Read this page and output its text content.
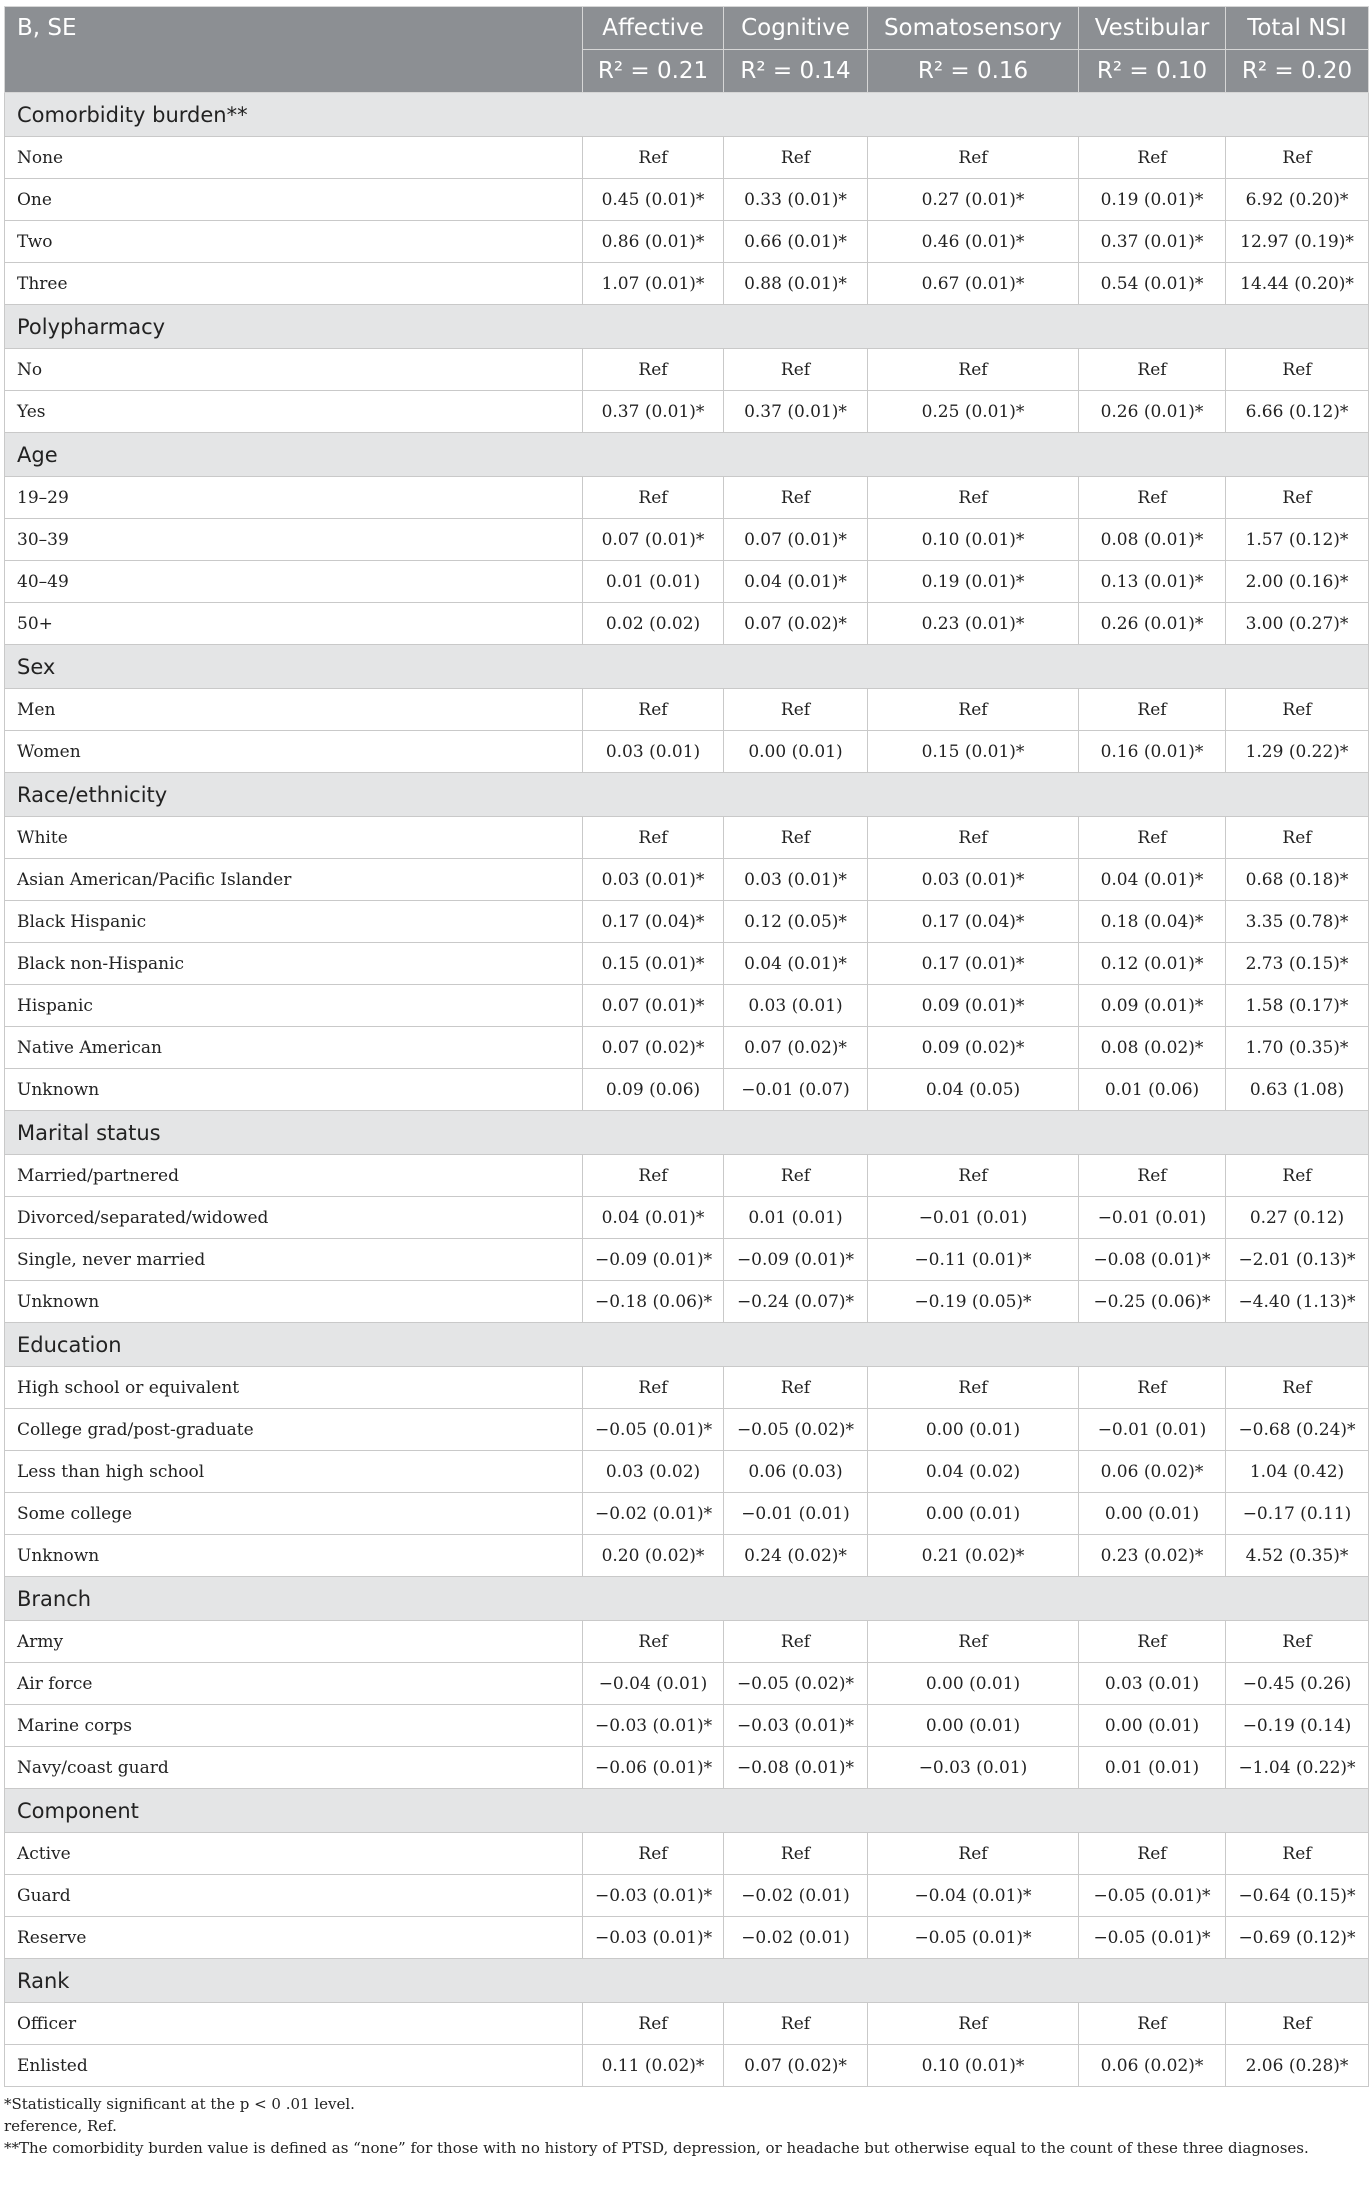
B, SE	Affective	Cognitive	Somatosensory	Vestibular	Total NSI
	R² = 0.21	R² = 0.14	R² = 0.16	R² = 0.10	R² = 0.20
Comorbidity burden**					
None	Ref	Ref	Ref	Ref	Ref
One	0.45 (0.01)*	0.33 (0.01)*	0.27 (0.01)*	0.19 (0.01)*	6.92 (0.20)*
Two	0.86 (0.01)*	0.66 (0.01)*	0.46 (0.01)*	0.37 (0.01)*	12.97 (0.19)*
Three	1.07 (0.01)*	0.88 (0.01)*	0.67 (0.01)*	0.54 (0.01)*	14.44 (0.20)*
Polypharmacy					
No	Ref	Ref	Ref	Ref	Ref
Yes	0.37 (0.01)*	0.37 (0.01)*	0.25 (0.01)*	0.26 (0.01)*	6.66 (0.12)*
Age					
19–29	Ref	Ref	Ref	Ref	Ref
30–39	0.07 (0.01)*	0.07 (0.01)*	0.10 (0.01)*	0.08 (0.01)*	1.57 (0.12)*
40–49	0.01 (0.01)	0.04 (0.01)*	0.19 (0.01)*	0.13 (0.01)*	2.00 (0.16)*
50+	0.02 (0.02)	0.07 (0.02)*	0.23 (0.01)*	0.26 (0.01)*	3.00 (0.27)*
Sex					
Men	Ref	Ref	Ref	Ref	Ref
Women	0.03 (0.01)	0.00 (0.01)	0.15 (0.01)*	0.16 (0.01)*	1.29 (0.22)*
Race/ethnicity					
White	Ref	Ref	Ref	Ref	Ref
Asian American/Pacific Islander	0.03 (0.01)*	0.03 (0.01)*	0.03 (0.01)*	0.04 (0.01)*	0.68 (0.18)*
Black Hispanic	0.17 (0.04)*	0.12 (0.05)*	0.17 (0.04)*	0.18 (0.04)*	3.35 (0.78)*
Black non-Hispanic	0.15 (0.01)*	0.04 (0.01)*	0.17 (0.01)*	0.12 (0.01)*	2.73 (0.15)*
Hispanic	0.07 (0.01)*	0.03 (0.01)	0.09 (0.01)*	0.09 (0.01)*	1.58 (0.17)*
Native American	0.07 (0.02)*	0.07 (0.02)*	0.09 (0.02)*	0.08 (0.02)*	1.70 (0.35)*
Unknown	0.09 (0.06)	−0.01 (0.07)	0.04 (0.05)	0.01 (0.06)	0.63 (1.08)
Marital status					
Married/partnered	Ref	Ref	Ref	Ref	Ref
Divorced/separated/widowed	0.04 (0.01)*	0.01 (0.01)	−0.01 (0.01)	−0.01 (0.01)	0.27 (0.12)
Single, never married	−0.09 (0.01)*	−0.09 (0.01)*	−0.11 (0.01)*	−0.08 (0.01)*	−2.01 (0.13)*
Unknown	−0.18 (0.06)*	−0.24 (0.07)*	−0.19 (0.05)*	−0.25 (0.06)*	−4.40 (1.13)*
Education					
High school or equivalent	Ref	Ref	Ref	Ref	Ref
College grad/post-graduate	−0.05 (0.01)*	−0.05 (0.02)*	0.00 (0.01)	−0.01 (0.01)	−0.68 (0.24)*
Less than high school	0.03 (0.02)	0.06 (0.03)	0.04 (0.02)	0.06 (0.02)*	1.04 (0.42)
Some college	−0.02 (0.01)*	−0.01 (0.01)	0.00 (0.01)	0.00 (0.01)	−0.17 (0.11)
Unknown	0.20 (0.02)*	0.24 (0.02)*	0.21 (0.02)*	0.23 (0.02)*	4.52 (0.35)*
Branch					
Army	Ref	Ref	Ref	Ref	Ref
Air force	−0.04 (0.01)	−0.05 (0.02)*	0.00 (0.01)	0.03 (0.01)	−0.45 (0.26)
Marine corps	−0.03 (0.01)*	−0.03 (0.01)*	0.00 (0.01)	0.00 (0.01)	−0.19 (0.14)
Navy/coast guard	−0.06 (0.01)*	−0.08 (0.01)*	−0.03 (0.01)	0.01 (0.01)	−1.04 (0.22)*
Component					
Active	Ref	Ref	Ref	Ref	Ref
Guard	−0.03 (0.01)*	−0.02 (0.01)	−0.04 (0.01)*	−0.05 (0.01)*	−0.64 (0.15)*
Reserve	−0.03 (0.01)*	−0.02 (0.01)	−0.05 (0.01)*	−0.05 (0.01)*	−0.69 (0.12)*
Rank					
Officer	Ref	Ref	Ref	Ref	Ref
Enlisted	0.11 (0.02)*	0.07 (0.02)*	0.10 (0.01)*	0.06 (0.02)*	2.06 (0.28)*
*Statistically significant at the p < 0 .01 level.
reference, Ref.
**The comorbidity burden value is defined as “none” for those with no history of PTSD, depression, or headache but otherwise equal to the count of these three diagnoses.
